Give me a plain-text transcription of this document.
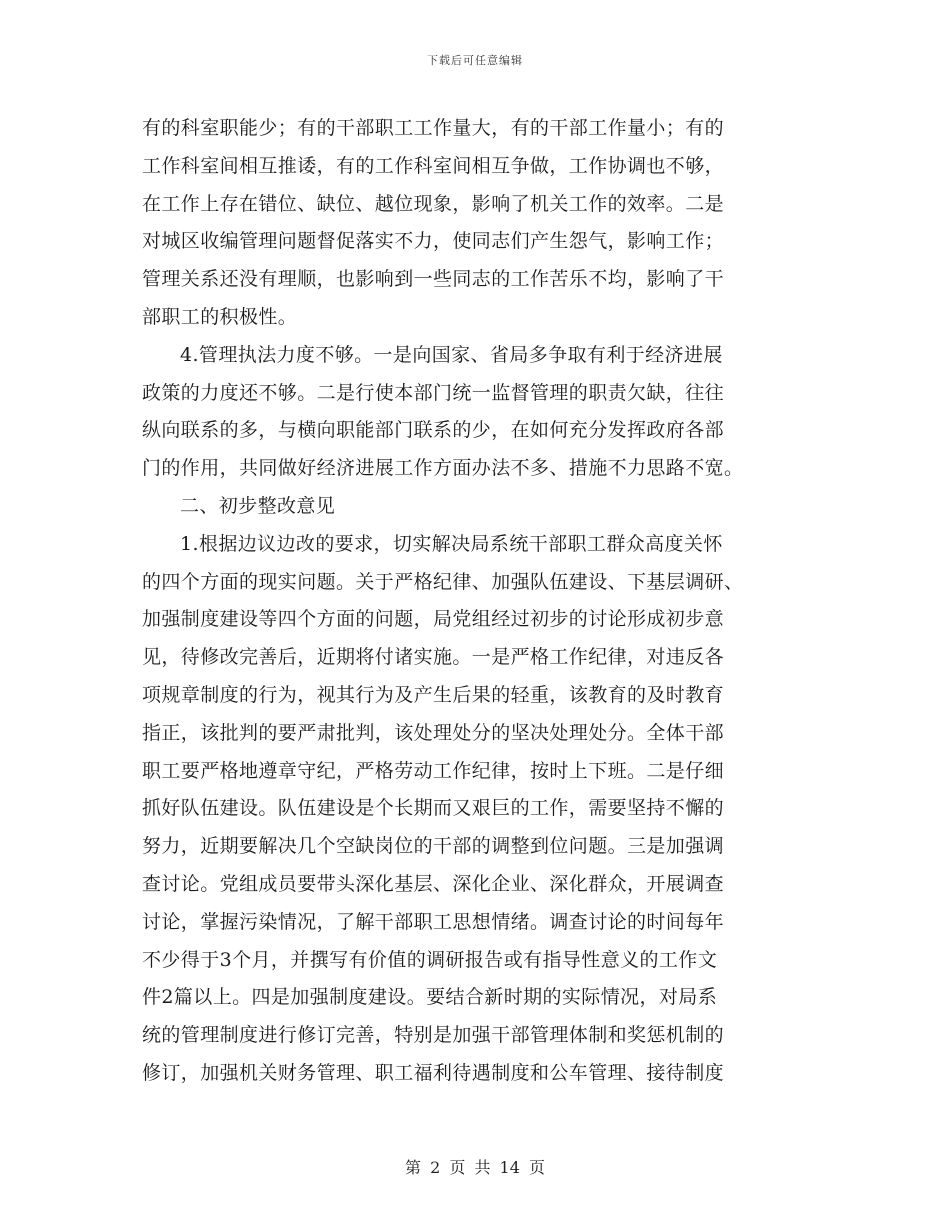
下载后可任意编辑
有的科室职能少；有的干部职工工作量大，有的干部工作量小；有的
工作科室间相互推诿，有的工作科室间相互争做，工作协调也不够，
在工作上存在错位、缺位、越位现象，影响了机关工作的效率。二是
对城区收编管理问题督促落实不力，使同志们产生怨气，影响工作；
管理关系还没有理顺，也影响到一些同志的工作苦乐不均，影响了干
部职工的积极性。
4.管理执法力度不够。一是向国家、省局多争取有利于经济进展
政策的力度还不够。二是行使本部门统一监督管理的职责欠缺，往往
纵向联系的多，与横向职能部门联系的少，在如何充分发挥政府各部
门的作用，共同做好经济进展工作方面办法不多、措施不力思路不宽。
二、初步整改意见
1.根据边议边改的要求，切实解决局系统干部职工群众高度关怀
的四个方面的现实问题。关于严格纪律、加强队伍建设、下基层调研、
加强制度建设等四个方面的问题，局党组经过初步的讨论形成初步意
见，待修改完善后，近期将付诸实施。一是严格工作纪律，对违反各
项规章制度的行为，视其行为及产生后果的轻重，该教育的及时教育
指正，该批判的要严肃批判，该处理处分的坚决处理处分。全体干部
职工要严格地遵章守纪，严格劳动工作纪律，按时上下班。二是仔细
抓好队伍建设。队伍建设是个长期而又艰巨的工作，需要坚持不懈的
努力，近期要解决几个空缺岗位的干部的调整到位问题。三是加强调
查讨论。党组成员要带头深化基层、深化企业、深化群众，开展调查
讨论，掌握污染情况，了解干部职工思想情绪。调查讨论的时间每年
不少得于3个月，并撰写有价值的调研报告或有指导性意义的工作文
件2篇以上。四是加强制度建设。要结合新时期的实际情况，对局系
统的管理制度进行修订完善，特别是加强干部管理体制和奖惩机制的
修订，加强机关财务管理、职工福利待遇制度和公车管理、接待制度
第 2 页 共 14 页
